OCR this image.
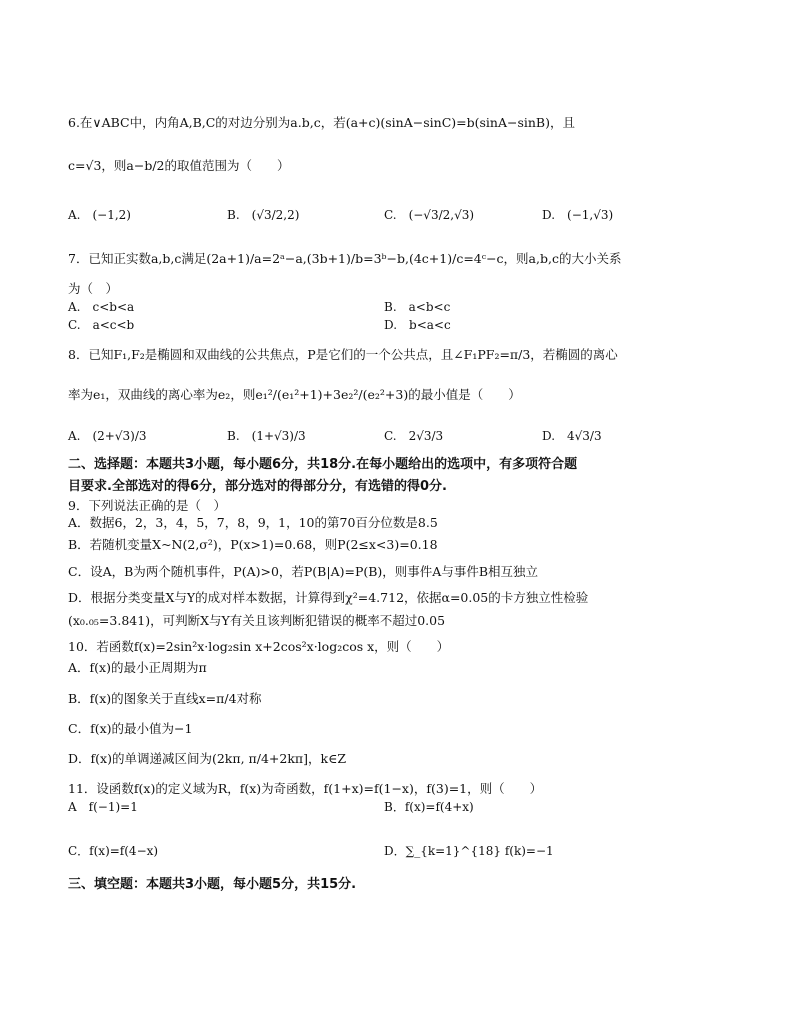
6.在∨ABC中，内角A,B,C的对边分别为a.b,c，若(a+c)(sinA−sinC)=b(sinA−sinB)，且
c=√3，则a−b/2的取值范围为（　　）
A.　(−1,2)	B.　(√3/2,2)	C.　(−√3/2,√3)	D.　(−1,√3)
7．已知正实数a,b,c满足(2a+1)/a=2ᵃ−a,(3b+1)/b=3ᵇ−b,(4c+1)/c=4ᶜ−c，则a,b,c的大小关系
为（　）
A.　c<b<a	B.　a<b<c
C.　a<c<b	D.　b<a<c
8．已知F₁,F₂是椭圆和双曲线的公共焦点，P是它们的一个公共点，且∠F₁PF₂=π/3，若椭圆的离心
率为e₁，双曲线的离心率为e₂，则e₁²/(e₁²+1)+3e₂²/(e₂²+3)的最小值是（　　）
A.　(2+√3)/3	B.　(1+√3)/3	C.　2√3/3	D.　4√3/3
二、选择题：本题共3小题，每小题6分，共18分.在每小题给出的选项中，有多项符合题
目要求.全部选对的得6分，部分选对的得部分分，有选错的得0分.
9．下列说法正确的是（　）
A．数据6，2，3，4，5，7，8，9，1，10的第70百分位数是8.5
B．若随机变量X~N(2,σ²)，P(x>1)=0.68，则P(2≤x<3)=0.18
C．设A，B为两个随机事件，P(A)>0，若P(B|A)=P(B)，则事件A与事件B相互独立
D．根据分类变量X与Y的成对样本数据，计算得到χ²=4.712，依据α=0.05的卡方独立性检验
(x₀.₀₅=3.841)，可判断X与Y有关且该判断犯错误的概率不超过0.05
10．若函数f(x)=2sin²x·log₂sin x+2cos²x·log₂cos x，则（　　）
A．f(x)的最小正周期为π
B．f(x)的图象关于直线x=π/4对称
C．f(x)的最小值为−1
D．f(x)的单调递减区间为(2kπ, π/4+2kπ]，k∈Z
11．设函数f(x)的定义域为R，f(x)为奇函数，f(1+x)=f(1−x)，f(3)=1，则（　　）
A　f(−1)=1	B．f(x)=f(4+x)
C．f(x)=f(4−x)	D．∑_{k=1}^{18} f(k)=−1
三、填空题：本题共3小题，每小题5分，共15分.
